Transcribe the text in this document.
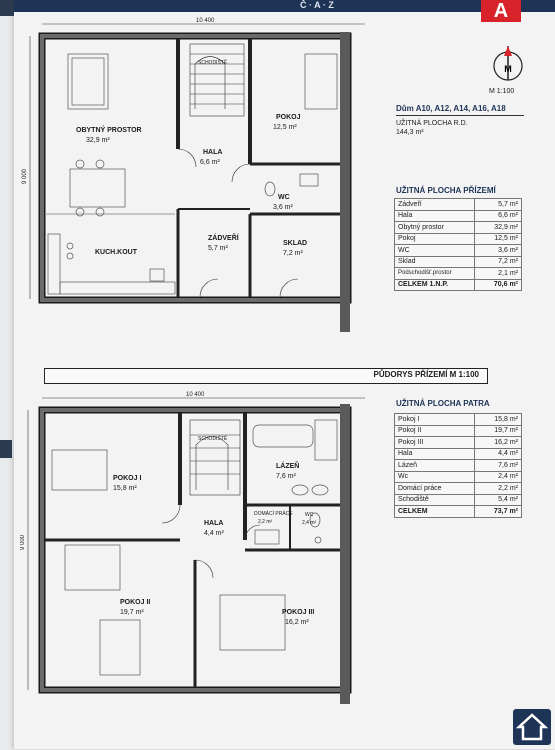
Č · A · Z	A
M
M 1:100
Dům A10, A12, A14, A16, A18
UŽITNÁ PLOCHA R.D.
144,3 m²
10 400
9 000
OBYTNÝ PROSTOR
32,9 m²
SCHODIŠTĚ
POKOJ
12,5 m²
HALA
6,6 m²
WC
3,6 m²
ZÁDVEŘÍ
5,7 m²
SKLAD
7,2 m²
KUCH.KOUT
UŽITNÁ PLOCHA PŘÍZEMÍ
Zádveří	5,7 m²
Hala	6,6 m²
Obytný prostor	32,9 m²
Pokoj	12,5 m²
WC	3,6 m²
Sklad	7,2 m²
Podschodišť.prostor	2,1 m²
CELKEM 1.N.P.	70,6 m²
PŮDORYS PŘÍZEMÍ M 1:100
10 400
9 000
SCHODIŠTĚ
LÁZEŇ
7,6 m²
POKOJ I
15,8 m²
HALA
4,4 m²
DOMÁCÍ PRÁCE
2,2 m²
WC
2,4 m²
POKOJ II
19,7 m²	POKOJ III
16,2 m²
UŽITNÁ PLOCHA PATRA
Pokoj I	15,8 m²
Pokoj II	19,7 m²
Pokoj III	16,2 m²
Hala	4,4 m²
Lázeň	7,6 m²
Wc	2,4 m²
Domácí práce	2,2 m²
Schodiště	5,4 m²
CELKEM	73,7 m²
